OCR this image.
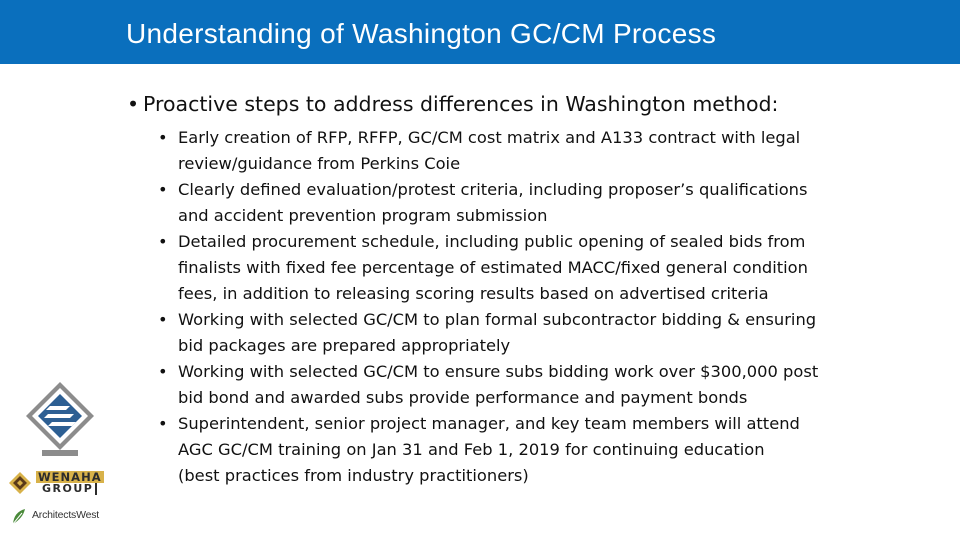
Understanding of Washington GC/CM Process
• Proactive steps to address differences in Washington method:
• Early creation of RFP, RFFP, GC/CM cost matrix and A133 contract with legal
review/guidance from Perkins Coie
• Clearly defined evaluation/protest criteria, including proposer’s qualifications
and accident prevention program submission
• Detailed procurement schedule, including public opening of sealed bids from
finalists with fixed fee percentage of estimated MACC/fixed general condition
fees, in addition to releasing scoring results based on advertised criteria
• Working with selected GC/CM to plan formal subcontractor bidding & ensuring
bid packages are prepared appropriately
• Working with selected GC/CM to ensure subs bidding work over $300,000 post
bid bond and awarded subs provide performance and payment bonds
• Superintendent, senior project manager, and key team members will attend
AGC GC/CM training on Jan 31 and Feb 1, 2019 for continuing education
(best practices from industry practitioners)
WENAHA
GROUP
ArchitectsWest
